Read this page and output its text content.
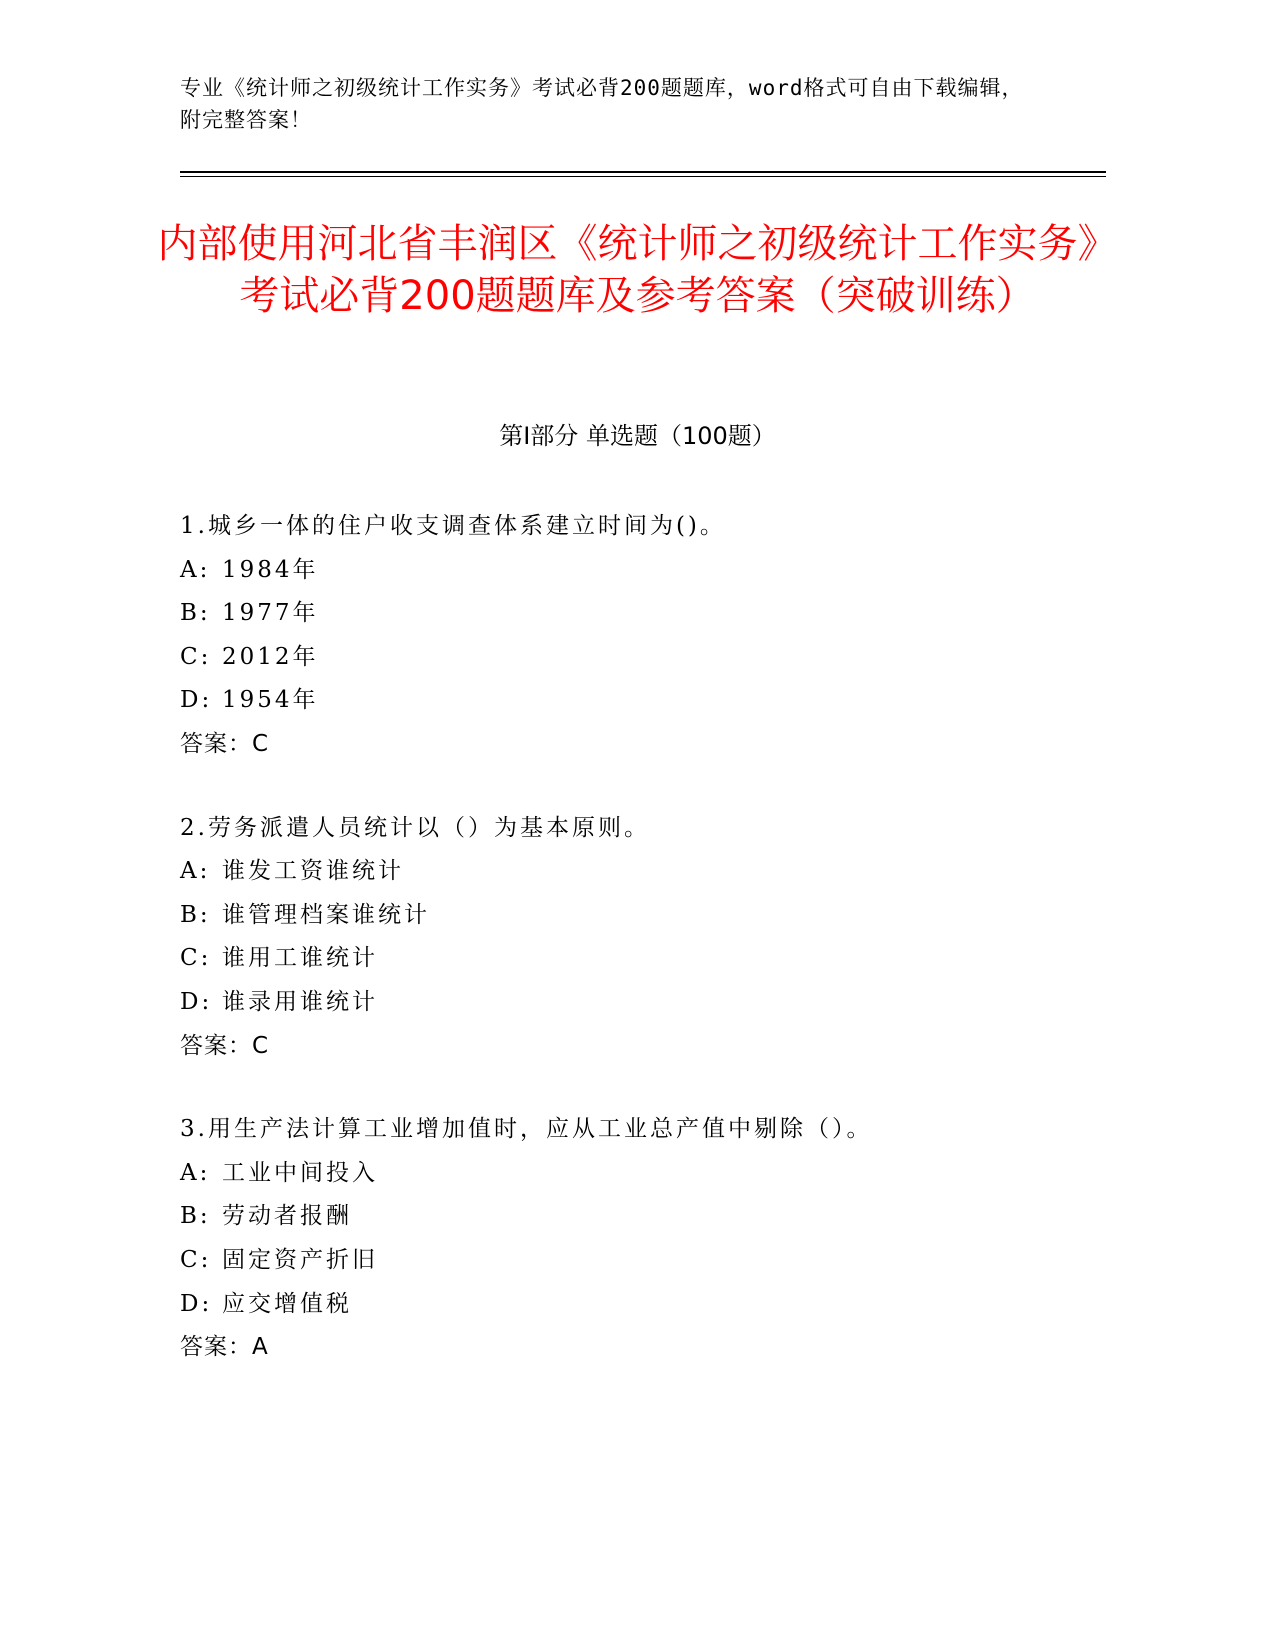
专业《统计师之初级统计工作实务》考试必背200题题库，word格式可自由下载编辑，附完整答案！
内部使用河北省丰润区《统计师之初级统计工作实务》考试必背200题题库及参考答案（突破训练）
第I部分 单选题（100题）
1.城乡一体的住户收支调查体系建立时间为()。
A: 1984年
B: 1977年
C: 2012年
D: 1954年
答案：C
2.劳务派遣人员统计以（）为基本原则。
A: 谁发工资谁统计
B: 谁管理档案谁统计
C: 谁用工谁统计
D: 谁录用谁统计
答案：C
3.用生产法计算工业增加值时，应从工业总产值中剔除（）。
A: 工业中间投入
B: 劳动者报酬
C: 固定资产折旧
D: 应交增值税
答案：A
